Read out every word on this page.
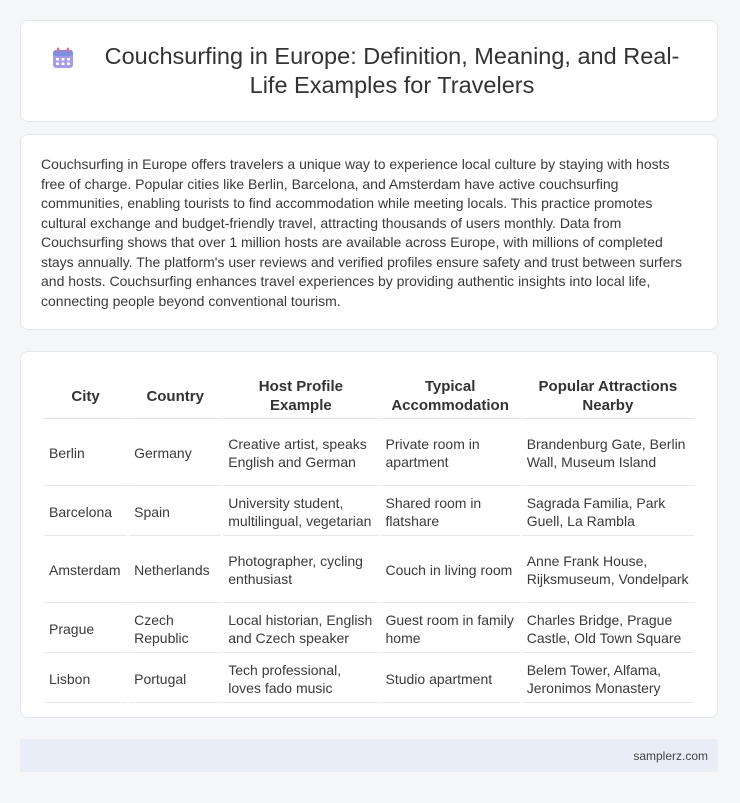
Couchsurfing in Europe: Definition, Meaning, and Real-Life Examples for Travelers

Couchsurfing in Europe offers travelers a unique way to experience local culture by staying with hosts free of charge. Popular cities like Berlin, Barcelona, and Amsterdam have active couchsurfing communities, enabling tourists to find accommodation while meeting locals. This practice promotes cultural exchange and budget-friendly travel, attracting thousands of users monthly. Data from Couchsurfing shows that over 1 million hosts are available across Europe, with millions of completed stays annually. The platform's user reviews and verified profiles ensure safety and trust between surfers and hosts. Couchsurfing enhances travel experiences by providing authentic insights into local life, connecting people beyond conventional tourism.

City	Country	Host Profile Example	Typical Accommodation	Popular Attractions Nearby
Berlin	Germany	Creative artist, speaks English and German	Private room in apartment	Brandenburg Gate, Berlin Wall, Museum Island
Barcelona	Spain	University student, multilingual, vegetarian	Shared room in flatshare	Sagrada Familia, Park Guell, La Rambla
Amsterdam	Netherlands	Photographer, cycling enthusiast	Couch in living room	Anne Frank House, Rijksmuseum, Vondelpark
Prague	Czech Republic	Local historian, English and Czech speaker	Guest room in family home	Charles Bridge, Prague Castle, Old Town Square
Lisbon	Portugal	Tech professional, loves fado music	Studio apartment	Belem Tower, Alfama, Jeronimos Monastery
samplerz.com
